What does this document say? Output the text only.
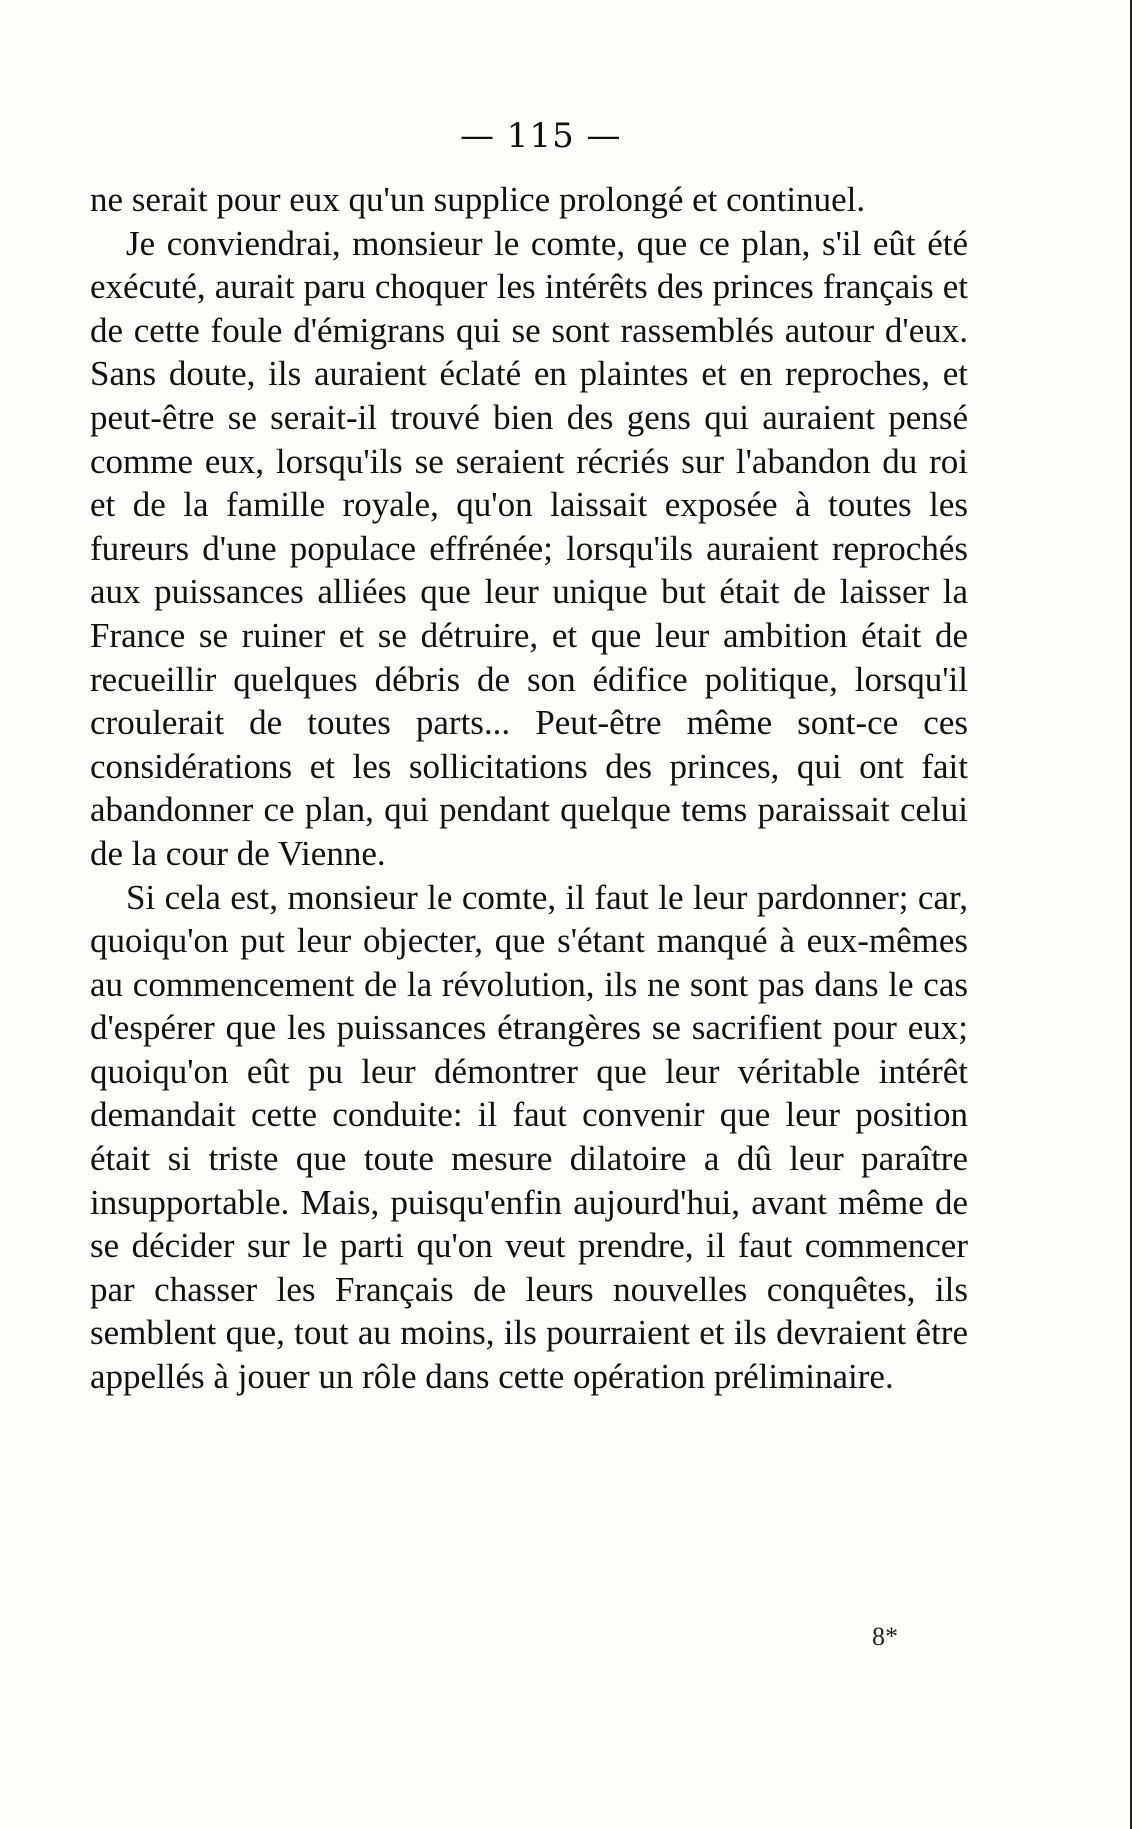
— 115 —

ne serait pour eux qu'un supplice prolongé et continuel.

Je conviendrai, monsieur le comte, que ce plan, s'il eût été exécuté, aurait paru choquer les intérêts des princes français et de cette foule d'émigrans qui se sont rassemblés autour d'eux. Sans doute, ils auraient éclaté en plaintes et en reproches, et peut-être se serait-il trouvé bien des gens qui auraient pensé comme eux, lorsqu'ils se seraient récriés sur l'abandon du roi et de la famille royale, qu'on laissait exposée à toutes les fureurs d'une populace effrénée; lorsqu'ils auraient reprochés aux puissances alliées que leur unique but était de laisser la France se ruiner et se détruire, et que leur ambition était de recueillir quelques débris de son édifice politique, lorsqu'il croulerait de toutes parts... Peut-être même sont-ce ces considérations et les sollicitations des princes, qui ont fait abandonner ce plan, qui pendant quelque tems paraissait celui de la cour de Vienne.

Si cela est, monsieur le comte, il faut le leur pardonner; car, quoiqu'on put leur objecter, que s'étant manqué à eux-mêmes au commencement de la révolution, ils ne sont pas dans le cas d'espérer que les puissances étrangères se sacrifient pour eux; quoiqu'on eût pu leur démontrer que leur véritable intérêt demandait cette conduite: il faut convenir que leur position était si triste que toute mesure dilatoire a dû leur paraître insupportable. Mais, puisqu'enfin aujourd'hui, avant même de se décider sur le parti qu'on veut prendre, il faut commencer par chasser les Français de leurs nouvelles conquêtes, ils semblent que, tout au moins, ils pourraient et ils devraient être appellés à jouer un rôle dans cette opération préliminaire.

8*
